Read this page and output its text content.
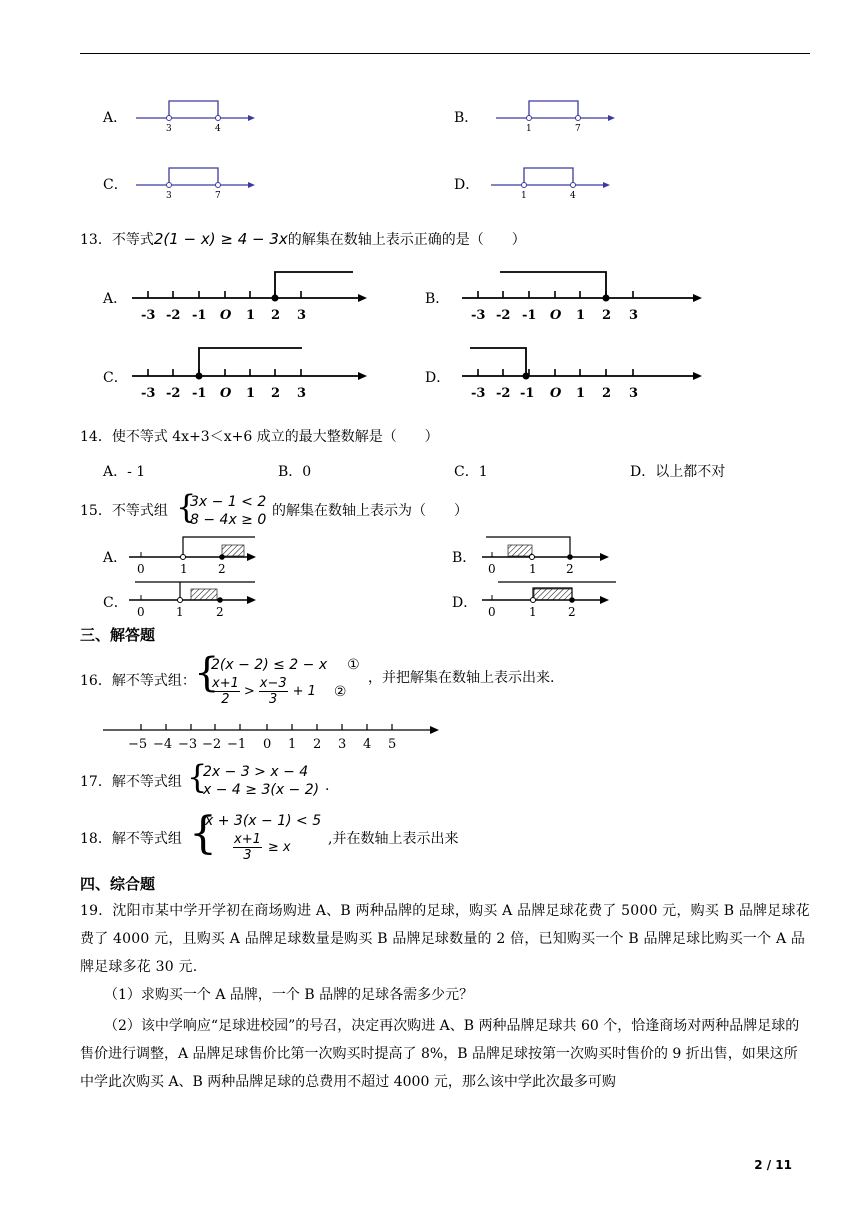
A．
3	4
B．
1	7
C．
3	7
D．
1	4
13．不等式2(1 − x) ≥ 4 − 3x的解集在数轴上表示正确的是（　　）
A．
-3 -2 -1 O 1 2 3
B．
-3 -2 -1 O 1 2 3
C．
-3 -2 -1 O 1 2 3
D．
-3 -2 -1 O 1 2 3
14．使不等式 4x+3＜x+6 成立的最大整数解是（　　）
A．- 1	B．0	C．1	D．以上都不对
15．不等式组 {
3x − 1 < 2
8 − 4x ≥ 0
的解集在数轴上表示为（　　）
A．
0	1	2
B．
0	1 2
C．
0	1	2
D．
0	1	2
三、解答题
16．解不等式组：
{
2(x − 2) ≤ 2 − x ①
x+1
2
>
x−3
3
+ 1 ②
，并把解集在数轴上表示出来.
−5 −4 −3 −2 −1 0 1 2 3 4 5
17．解不等式组 {
2x − 3 > x − 4
x − 4 ≥ 3(x − 2) .
18．解不等式组 {
x + 3(x − 1) < 5
$\frac{x+1}{3} \ge x$
,并在数轴上表示出来
四、综合题
19．沈阳市某中学开学初在商场购进 A、B 两种品牌的足球，购买 A 品牌足球花费了 5000 元，购买 B 品牌足球花费了 4000 元，且购买 A 品牌足球数量是购买 B 品牌足球数量的 2 倍，已知购买一个 B 品牌足球比购买一个 A 品牌足球多花 30 元.
（1）求购买一个 A 品牌，一个 B 品牌的足球各需多少元？
（2）该中学响应“足球进校园”的号召，决定再次购进 A、B 两种品牌足球共 60 个，恰逢商场对两种品牌足球的售价进行调整，A 品牌足球售价比第一次购买时提高了 8%，B 品牌足球按第一次购买时售价的 9 折出售，如果这所中学此次购买 A、B 两种品牌足球的总费用不超过 4000 元，那么该中学此次最多可购
2 / 11
